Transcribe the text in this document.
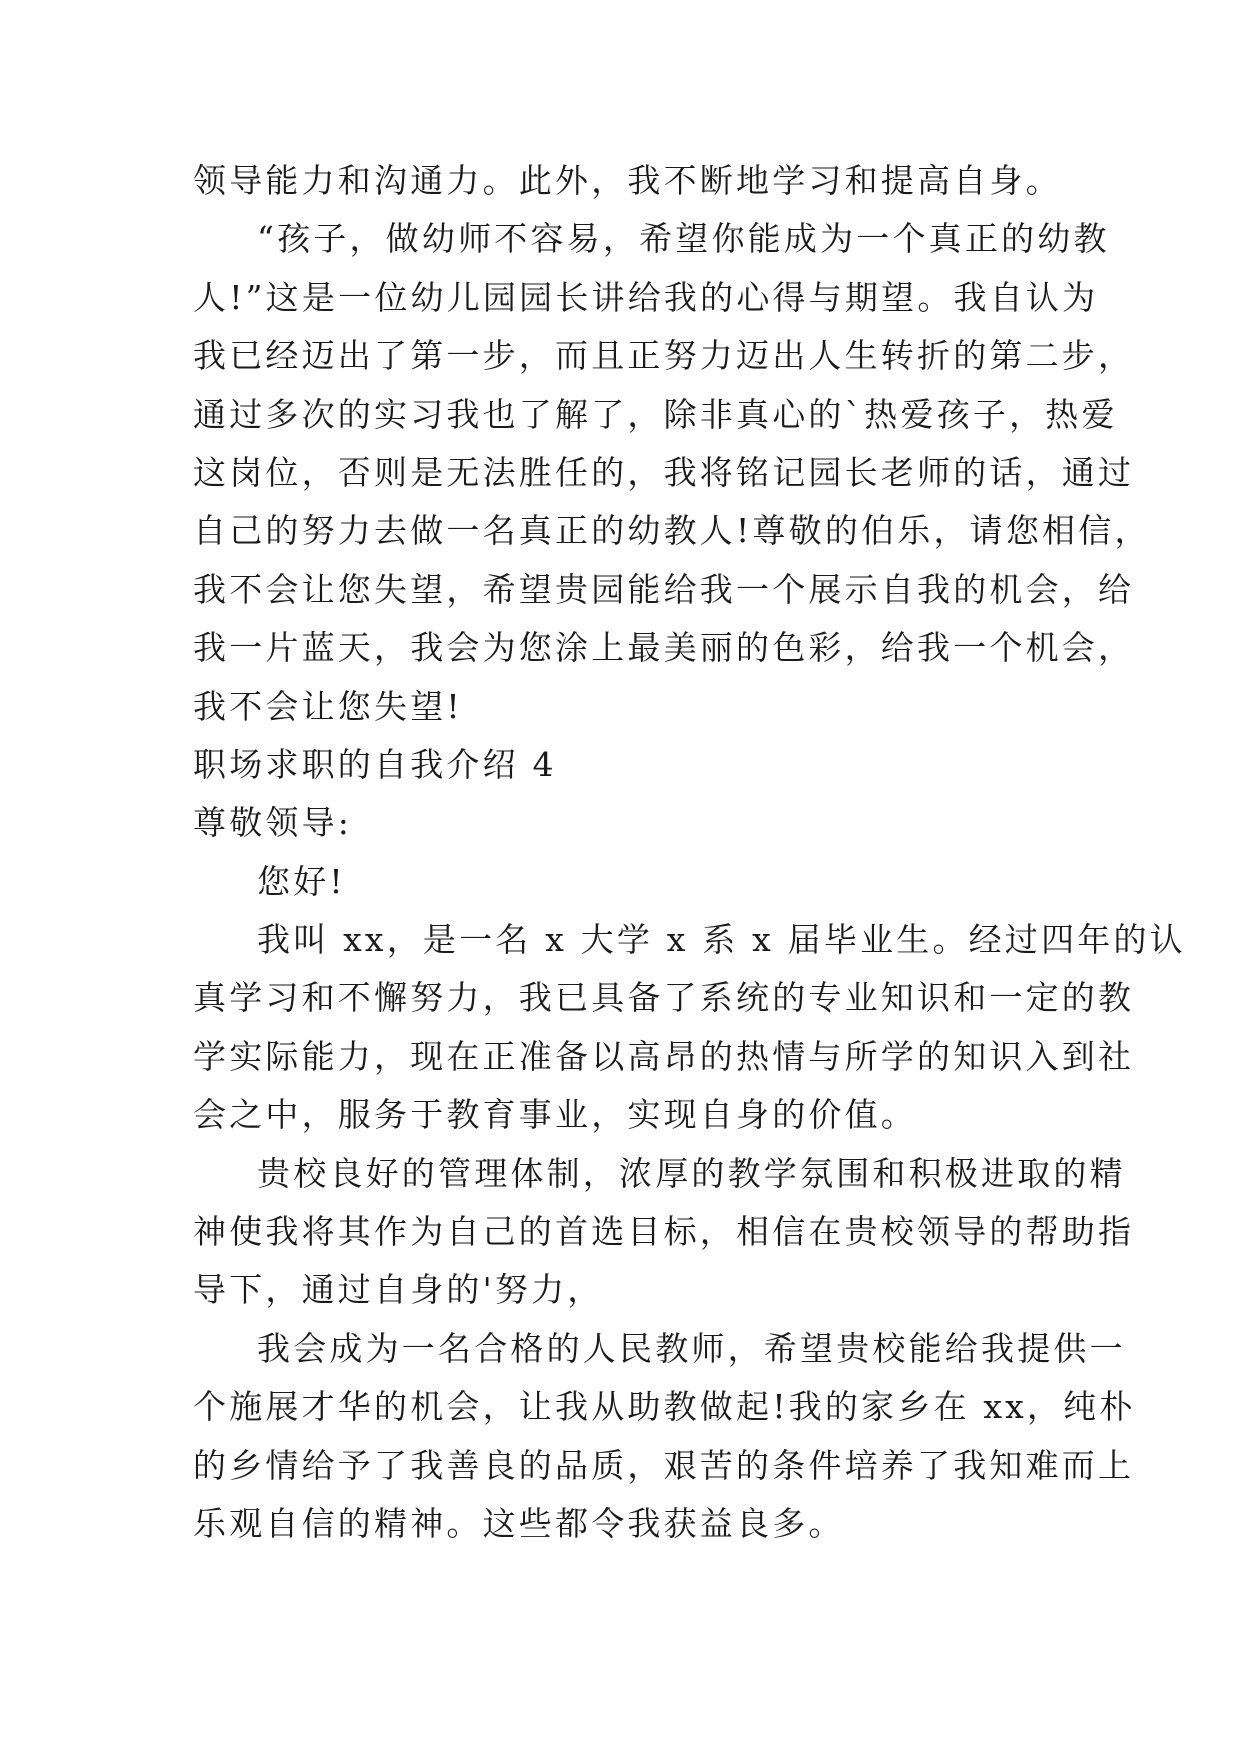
领导能力和沟通力。此外，我不断地学习和提高自身。
“孩子，做幼师不容易，希望你能成为一个真正的幼教
人!”这是一位幼儿园园长讲给我的心得与期望。我自认为
我已经迈出了第一步，而且正努力迈出人生转折的第二步，
通过多次的实习我也了解了，除非真心的`热爱孩子，热爱
这岗位，否则是无法胜任的，我将铭记园长老师的话，通过
自己的努力去做一名真正的幼教人!尊敬的伯乐，请您相信，
我不会让您失望，希望贵园能给我一个展示自我的机会，给
我一片蓝天，我会为您涂上最美丽的色彩，给我一个机会，
我不会让您失望!
职场求职的自我介绍 4
尊敬领导:
您好!
我叫 xx，是一名 x 大学 x 系 x 届毕业生。经过四年的认
真学习和不懈努力，我已具备了系统的专业知识和一定的教
学实际能力，现在正准备以高昂的热情与所学的知识入到社
会之中，服务于教育事业，实现自身的价值。
贵校良好的管理体制，浓厚的教学氛围和积极进取的精
神使我将其作为自己的首选目标，相信在贵校领导的帮助指
导下，通过自身的'努力，
我会成为一名合格的人民教师，希望贵校能给我提供一
个施展才华的机会，让我从助教做起!我的家乡在 xx，纯朴
的乡情给予了我善良的品质，艰苦的条件培养了我知难而上
乐观自信的精神。这些都令我获益良多。
